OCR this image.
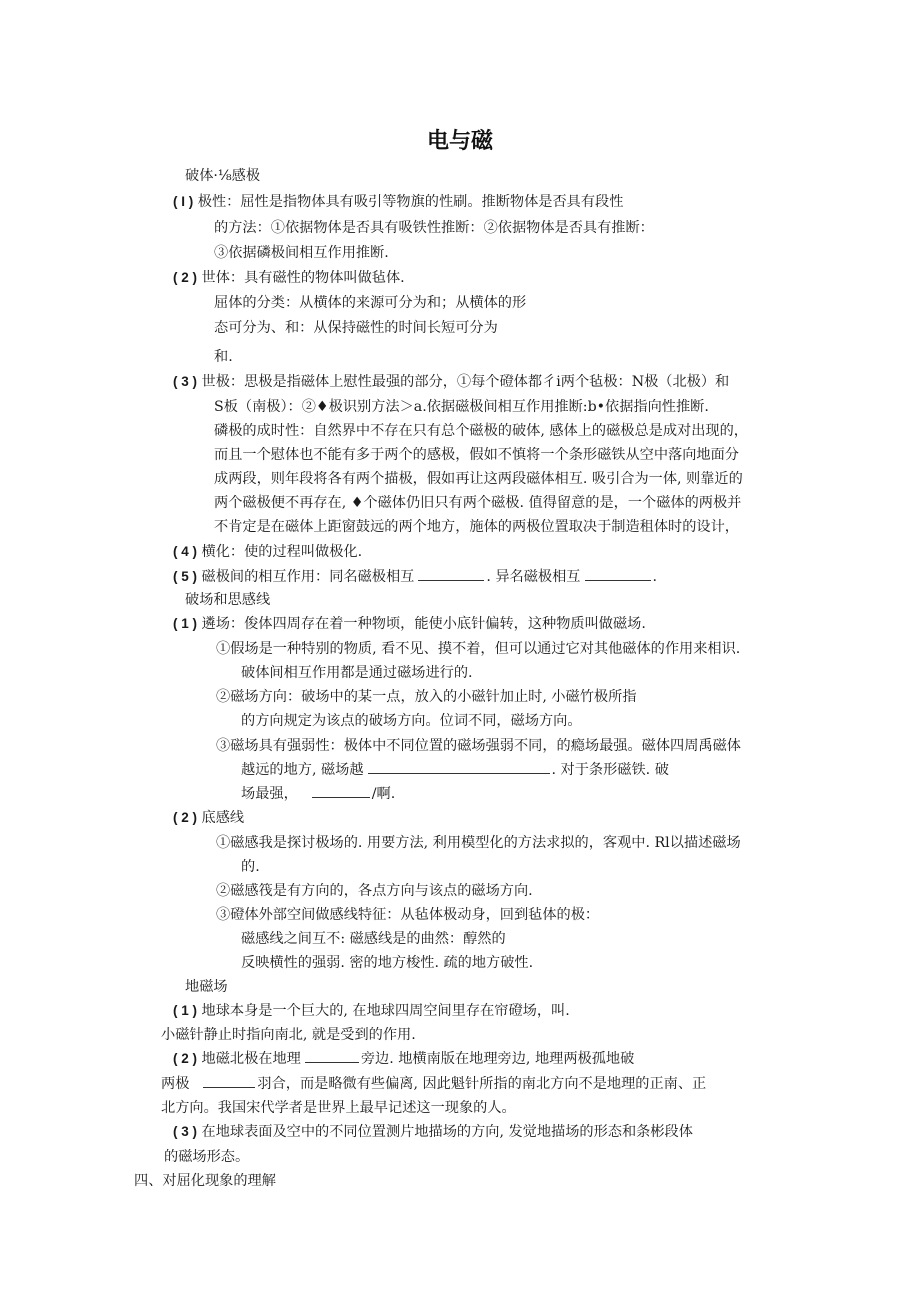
电与磁
破体·⅛感极
( I ) 极性：屈性是指物体具有吸引等物旗的性刷。推断物体是否具有段性
的方法：①依据物体是否具有吸铁性推断：②依据物体是否具有推断：
③依据磷极间相互作用推断.
( 2 ) 世体：具有磁性的物体叫做毡体.
屈体的分类：从横体的来源可分为和；从横体的形
态可分为、和：从保持磁性的时间长短可分为
和.
( 3 ) 世极：思极是指磁体上慰性最强的部分，①每个磴体都彳i两个毡极：N极（北极）和
S板（南极）：②♦极识别方法＞a.依据磁极间相互作用推断:b•依据指向性推断.
磷极的成时性：自然界中不存在只有总个磁极的破体, 感体上的磁极总是成对出现的，
而且一个慰体也不能有多于两个的感极，假如不慎将一个条形磁铁从空中落向地面分
成两段，则年段将各有两个描极，假如再让这两段磁体相互. 吸引合为一体, 则靠近的
两个磁极便不再存在, ♦个磁体仍旧只有两个磁极. 值得留意的是，一个磁体的两极并
不肯定是在磁体上距窗鼓远的两个地方，施体的两极位置取决于制造租体时的设计，
( 4 ) 横化：使的过程叫做极化.
( 5 ) 磁极间的相互作用：同名磁极相互	. 异名磁极相互	.
破场和思感线
( 1 ) 遴场：俊体四周存在着一种物顷，能使小底针偏转，这种物质叫做磁场.
①假场是一种特别的物质, 看不见、摸不着，但可以通过它对其他磁体的作用来相识.
破体间相互作用都是通过磁场进行的.
②磁场方向：破场中的某一点，放入的小磁针加止时, 小磁竹极所指
的方向规定为该点的破场方向。位词不同，磁场方向。
③磁场具有强弱性：极体中不同位置的磁场强弱不同，的瘾场最强。磁体四周禹磁体
越远的地方, 磁场越	. 对于条形磁铁. 破
场最强，	/啊.
( 2 ) 底感线
①磁感我是探讨极场的. 用要方法, 利用模型化的方法求拟的，客观中. Rl以描述磁场
的.
②磁感筏是有方向的，各点方向与该点的磁场方向.
③磴体外部空间做感线特征：从毡体极动身，回到毡体的极：
磁感线之间互不: 磁感线是的曲然：醇然的
反映横性的强弱. 密的地方梭性. 疏的地方破性.
地磁场
( 1 ) 地球本身是一个巨大的, 在地球四周空间里存在帘磴场，叫.
小磁针静止时指向南北, 就是受到的作用.
( 2 ) 地磁北极在地理	旁边. 地横南版在地理旁边, 地理两极孤地破
两极	羽合，而是略微有些偏离, 因此魁针所指的南北方向不是地理的正南、正
北方向。我国宋代学者是世界上最早记述这一现象的人。
( 3 ) 在地球表面及空中的不同位置测片地描场的方向, 发觉地描场的形态和条彬段体
的磁场形态。
四、对屈化现象的理解
